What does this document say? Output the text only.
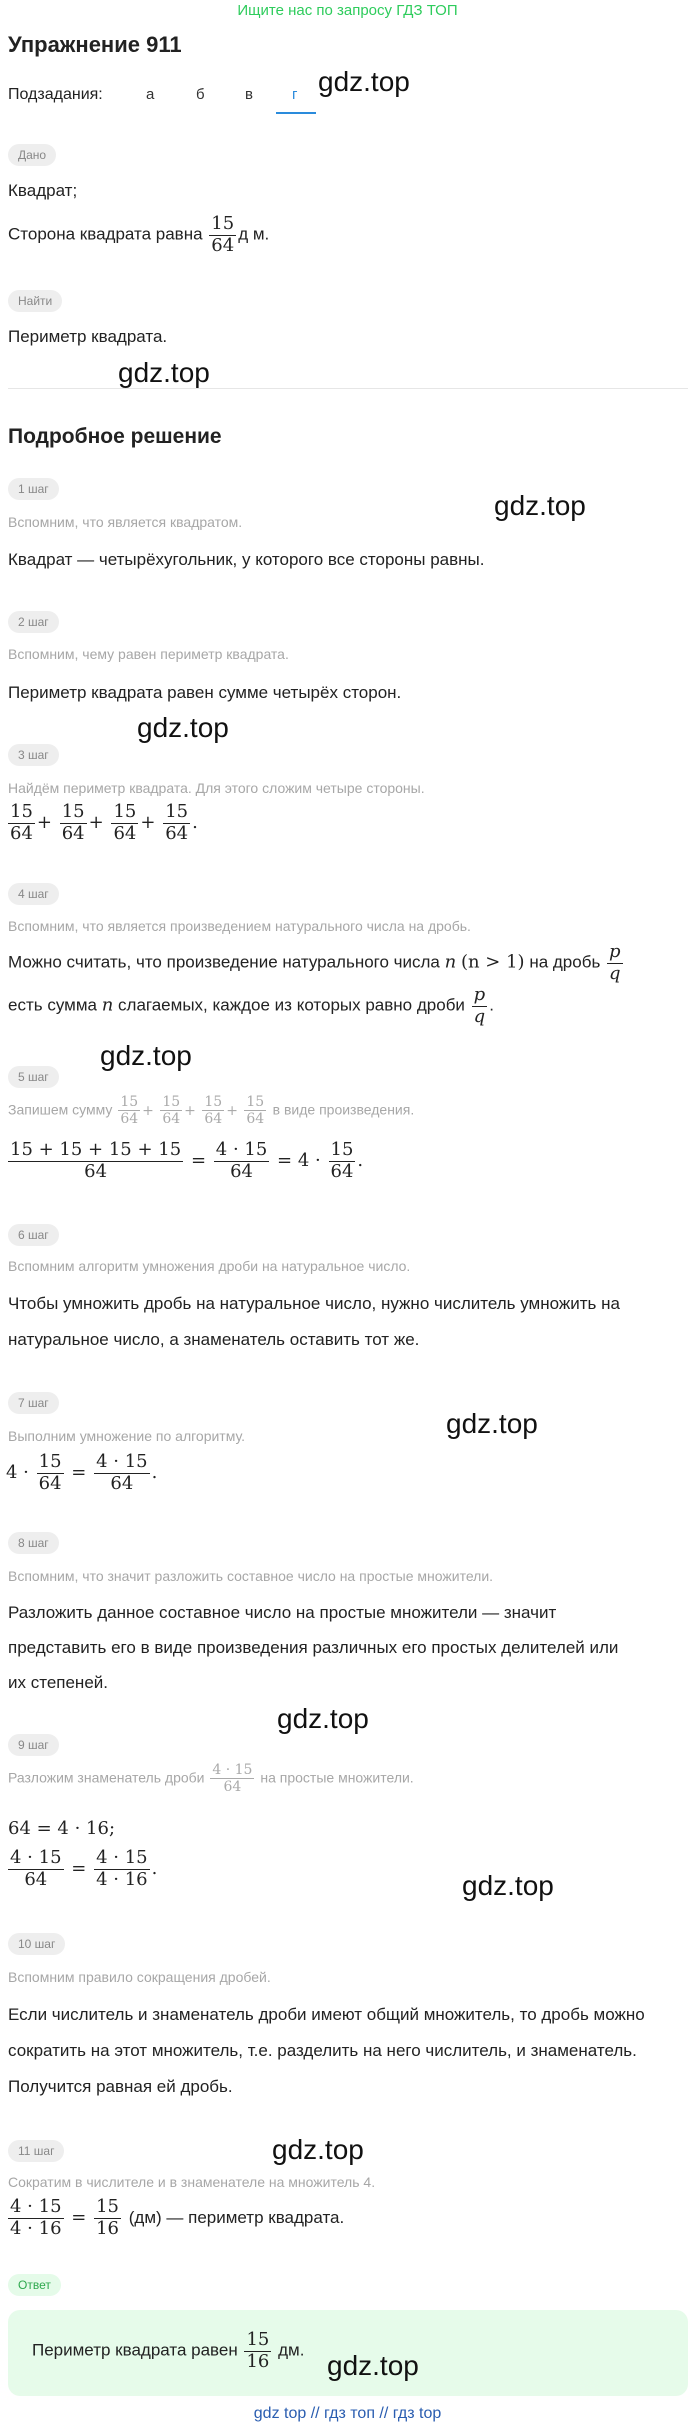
Ищите нас по запросу ГДЗ ТОП
Упражнение 911
Подзадания:	а	б	в	г
Дано
Квадрат;
Сторона квадрата равна $\frac{15}{64}$ д м.
Найти
Периметр квадрата.
gdz.top
gdz.top
Подробное решение
1 шаг
Вспомним, что является квадратом.
Квадрат — четырёхугольник, у которого все стороны равны.
gdz.top
2 шаг
Вспомним, чему равен периметр квадрата.
Периметр квадрата равен сумме четырёх сторон.
gdz.top
3 шаг
Найдём периметр квадрата. Для этого сложим четыре стороны.
$\frac{15}{64} + \frac{15}{64} + \frac{15}{64} + \frac{15}{64}$ .
4 шаг
Вспомним, что является произведением натурального числа на дробь.
Можно считать, что произведение натурального числа n (n > 1) на дробь $\frac{p}{q}$
есть сумма n слагаемых, каждое из которых равно дроби $\frac{p}{q}$ .
gdz.top
5 шаг
Запишем сумму $\frac{15}{64} + \frac{15}{64} + \frac{15}{64} + \frac{15}{64}$ в виде произведения.
$\frac{15 + 15 + 15 + 15}{64} = \frac{4 \cdot 15}{64} = 4 \cdot \frac{15}{64}$ .
6 шаг
Вспомним алгоритм умножения дроби на натуральное число.
Чтобы умножить дробь на натуральное число, нужно числитель умножить на
натуральное число, а знаменатель оставить тот же.
7 шаг
gdz.top
Выполним умножение по алгоритму.
$4 \cdot \frac{15}{64} = \frac{4 \cdot 15}{64}$ .
8 шаг
Вспомним, что значит разложить составное число на простые множители.
Разложить данное составное число на простые множители — значит
представить его в виде произведения различных его простых делителей или
их степеней.
gdz.top
9 шаг
Разложим знаменатель дроби $\frac{4 \cdot 15}{64}$ на простые множители.
64 = 4 · 16;
$\frac{4 \cdot 15}{64} = \frac{4 \cdot 15}{4 \cdot 16}$ .
gdz.top
10 шаг
Вспомним правило сокращения дробей.
Если числитель и знаменатель дроби имеют общий множитель, то дробь можно
сократить на этот множитель, т.е. разделить на него числитель, и знаменатель.
Получится равная ей дробь.
gdz.top
11 шаг
Сократим в числителе и в знаменателе на множитель 4.
$\frac{4 \cdot 15}{4 \cdot 16} = \frac{15}{16} (дм)$ — периметр квадрата.
Ответ
Периметр квадрата равен $\frac{15}{16}$ дм. gdz.top
gdz top // гдз топ // гдз top
